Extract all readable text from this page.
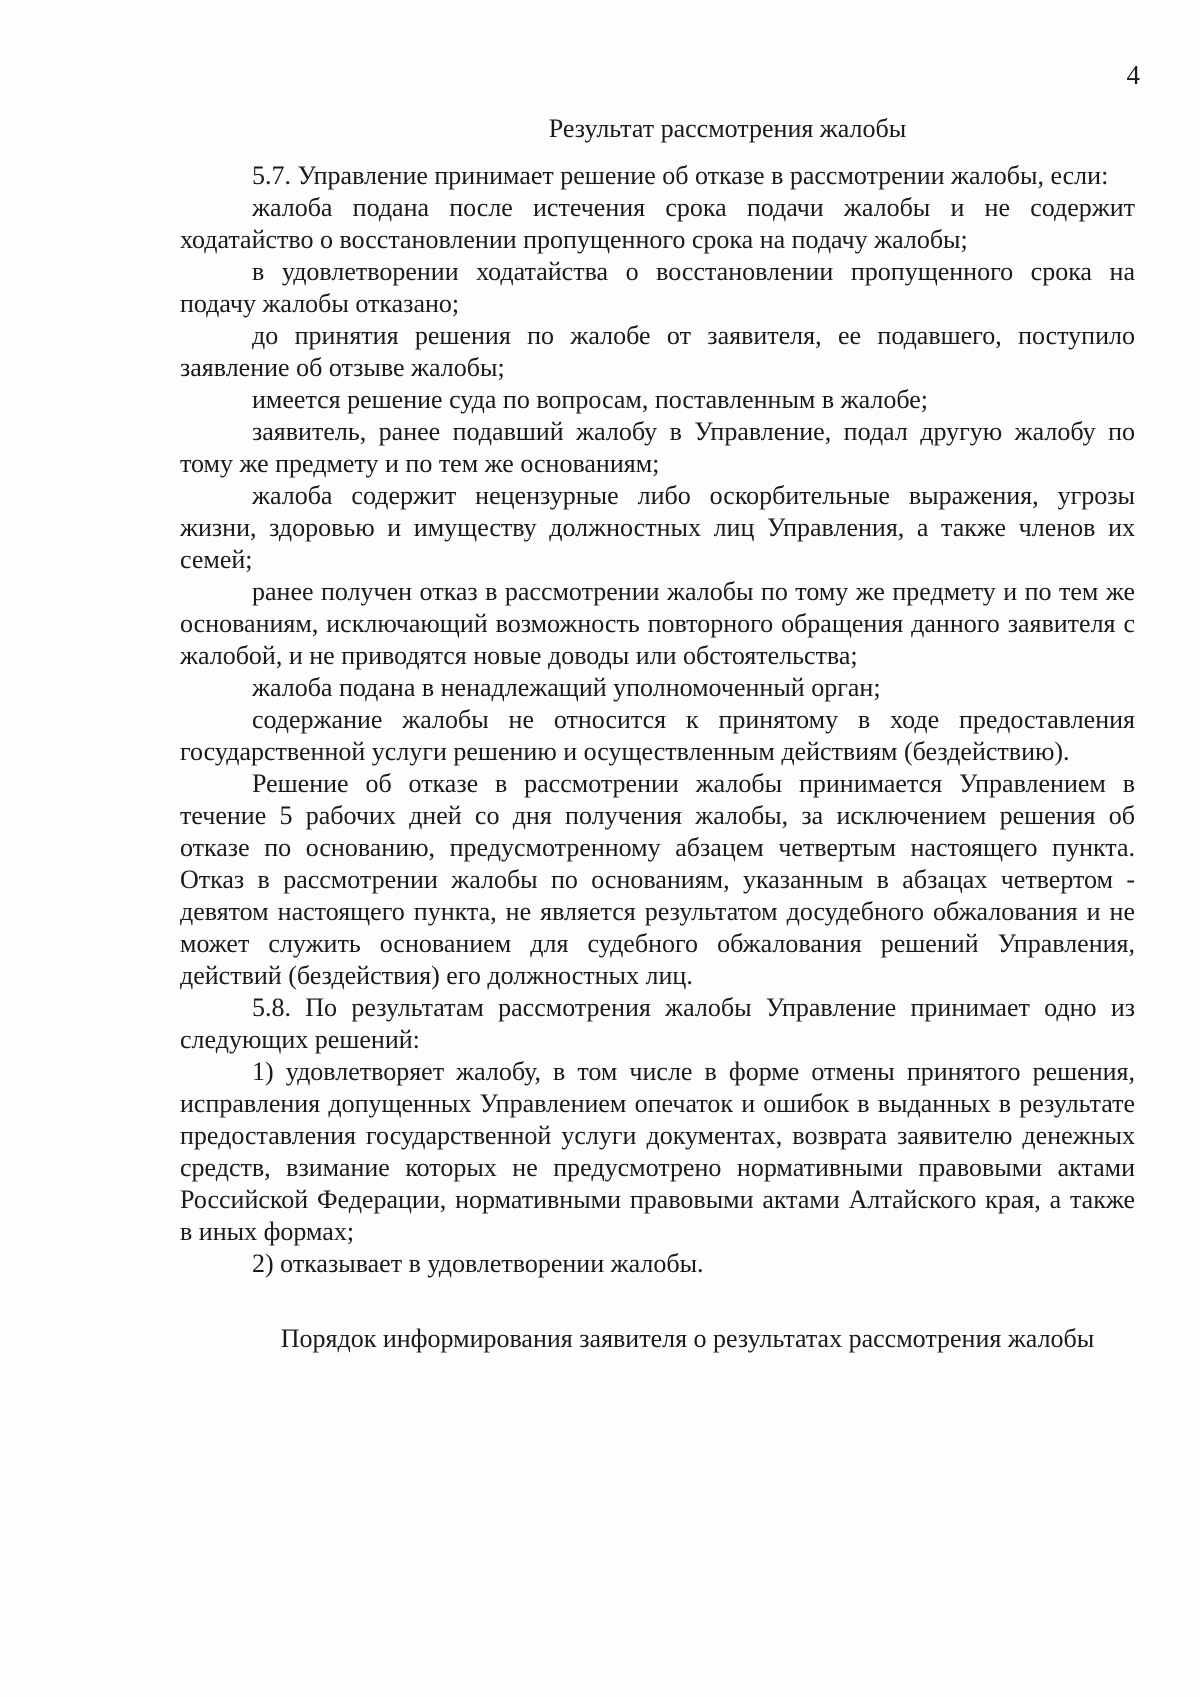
4
Результат рассмотрения жалобы

5.7. Управление принимает решение об отказе в рассмотрении жалобы, если:

жалоба подана после истечения срока подачи жалобы и не содержит ходатайство о восстановлении пропущенного срока на подачу жалобы;

в удовлетворении ходатайства о восстановлении пропущенного срока на подачу жалобы отказано;

до принятия решения по жалобе от заявителя, ее подавшего, поступило заявление об отзыве жалобы;

имеется решение суда по вопросам, поставленным в жалобе;

заявитель, ранее подавший жалобу в Управление, подал другую жалобу по тому же предмету и по тем же основаниям;

жалоба содержит нецензурные либо оскорбительные выражения, угрозы жизни, здоровью и имуществу должностных лиц Управления, а также членов их семей;

ранее получен отказ в рассмотрении жалобы по тому же предмету и по тем же основаниям, исключающий возможность повторного обращения данного заявителя с жалобой, и не приводятся новые доводы или обстоятельства;

жалоба подана в ненадлежащий уполномоченный орган;

содержание жалобы не относится к принятому в ходе предоставления государственной услуги решению и осуществленным действиям (бездействию).

Решение об отказе в рассмотрении жалобы принимается Управлением в течение 5 рабочих дней со дня получения жалобы, за исключением решения об отказе по основанию, предусмотренному абзацем четвертым настоящего пункта. Отказ в рассмотрении жалобы по основаниям, указанным в абзацах четвертом - девятом настоящего пункта, не является результатом досудебного обжалования и не может служить основанием для судебного обжалования решений Управления, действий (бездействия) его должностных лиц.

5.8. По результатам рассмотрения жалобы Управление принимает одно из следующих решений:

1) удовлетворяет жалобу, в том числе в форме отмены принятого решения, исправления допущенных Управлением опечаток и ошибок в выданных в результате предоставления государственной услуги документах, возврата заявителю денежных средств, взимание которых не предусмотрено нормативными правовыми актами Российской Федерации, нормативными правовыми актами Алтайского края, а также в иных формах;

2) отказывает в удовлетворении жалобы.

Порядок информирования заявителя о результатах рассмотрения жалобы
